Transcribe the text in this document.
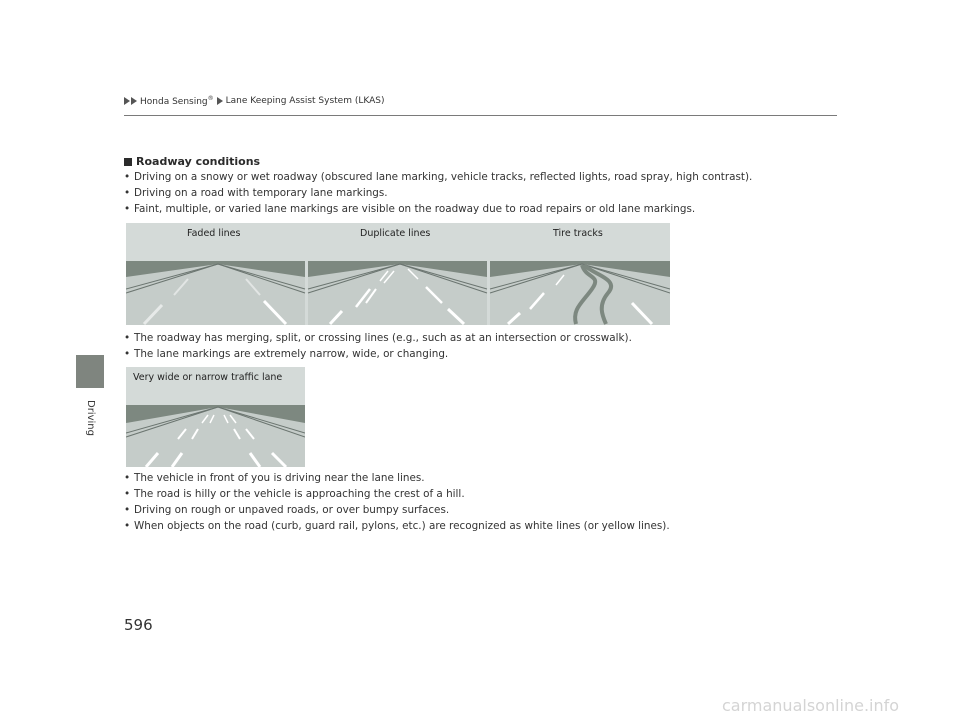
Driving
Honda Sensing® Lane Keeping Assist System (LKAS)
Roadway conditions
• Driving on a snowy or wet roadway (obscured lane marking, vehicle tracks, reflected lights, road spray, high contrast).
• Driving on a road with temporary lane markings.
• Faint, multiple, or varied lane markings are visible on the roadway due to road repairs or old lane markings.
Faded lines	Duplicate lines	Tire tracks
• The roadway has merging, split, or crossing lines (e.g., such as at an intersection or crosswalk).
• The lane markings are extremely narrow, wide, or changing.
Very wide or narrow traffic lane
• The vehicle in front of you is driving near the lane lines.
• The road is hilly or the vehicle is approaching the crest of a hill.
• Driving on rough or unpaved roads, or over bumpy surfaces.
• When objects on the road (curb, guard rail, pylons, etc.) are recognized as white lines (or yellow lines).
596
carmanualsonline.info
